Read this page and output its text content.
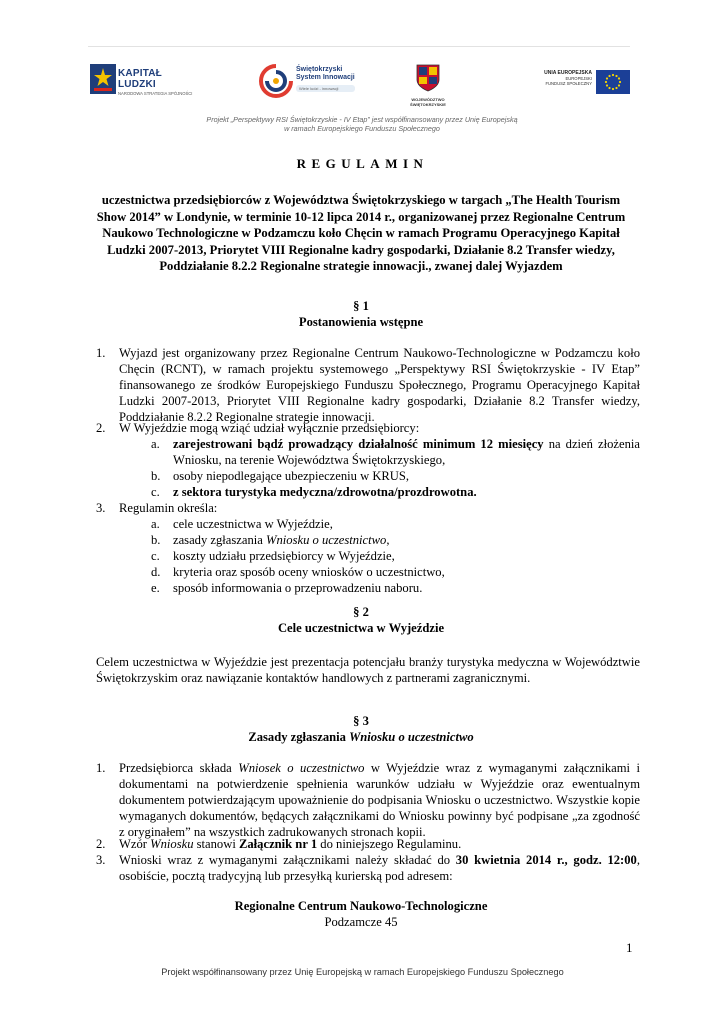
KAPITAŁ LUDZKI
NARODOWA STRATEGIA SPÓJNOŚCI
Świętokrzyski
System Innowacji
Wiele ludzi - innowacji
WOJEWÓDZTWO
ŚWIĘTOKRZYSKIE
UNIA EUROPEJSKA
EUROPEJSKI
FUNDUSZ SPOŁECZNY
Projekt „Perspektywy RSI Świętokrzyskie - IV Etap” jest współfinansowany przez Unię Europejską
w ramach Europejskiego Funduszu Społecznego
REGULAMIN
uczestnictwa przedsiębiorców z Województwa Świętokrzyskiego w targach „The Health Tourism Show 2014” w Londynie, w terminie 10-12 lipca 2014 r., organizowanej przez Regionalne Centrum Naukowo Technologiczne w Podzamczu koło Chęcin w ramach Programu Operacyjnego Kapitał Ludzki 2007-2013, Priorytet VIII Regionalne kadry gospodarki, Działanie 8.2 Transfer wiedzy, Poddziałanie 8.2.2 Regionalne strategie innowacji., zwanej dalej Wyjazdem
§ 1
Postanowienia wstępne
1. Wyjazd jest organizowany przez Regionalne Centrum Naukowo-Technologiczne w Podzamczu koło Chęcin (RCNT), w ramach projektu systemowego „Perspektywy RSI Świętokrzyskie - IV Etap” finansowanego ze środków Europejskiego Funduszu Społecznego, Programu Operacyjnego Kapitał Ludzki 2007-2013, Priorytet VIII Regionalne kadry gospodarki, Działanie 8.2 Transfer wiedzy, Poddziałanie 8.2.2 Regionalne strategie innowacji.
2. W Wyjeździe mogą wziąć udział wyłącznie przedsiębiorcy:
a. zarejestrowani bądź prowadzący działalność minimum 12 miesięcy na dzień złożenia Wniosku, na terenie Województwa Świętokrzyskiego,
b. osoby niepodlegające ubezpieczeniu w KRUS,
c. z sektora turystyka medyczna/zdrowotna/prozdrowotna.
3. Regulamin określa:
a. cele uczestnictwa w Wyjeździe,
b. zasady zgłaszania Wniosku o uczestnictwo,
c. koszty udziału przedsiębiorcy w Wyjeździe,
d. kryteria oraz sposób oceny wniosków o uczestnictwo,
e. sposób informowania o przeprowadzeniu naboru.
§ 2
Cele uczestnictwa w Wyjeździe
Celem uczestnictwa w Wyjeździe jest prezentacja potencjału branży turystyka medyczna w Województwie Świętokrzyskim oraz nawiązanie kontaktów handlowych z partnerami zagranicznymi.
§ 3
Zasady zgłaszania Wniosku o uczestnictwo
1. Przedsiębiorca składa Wniosek o uczestnictwo w Wyjeździe wraz z wymaganymi załącznikami i dokumentami na potwierdzenie spełnienia warunków udziału w Wyjeździe oraz ewentualnym dokumentem potwierdzającym upoważnienie do podpisania Wniosku o uczestnictwo. Wszystkie kopie wymaganych dokumentów, będących załącznikami do Wniosku powinny być podpisane „za zgodność z oryginałem” na wszystkich zadrukowanych stronach kopii.
2. Wzór Wniosku stanowi Załącznik nr 1 do niniejszego Regulaminu.
3. Wnioski wraz z wymaganymi załącznikami należy składać do 30 kwietnia 2014 r., godz. 12:00, osobiście, pocztą tradycyjną lub przesyłką kurierską pod adresem:
Regionalne Centrum Naukowo-Technologiczne
Podzamcze 45
1
Projekt współfinansowany przez Unię Europejską w ramach Europejskiego Funduszu Społecznego
